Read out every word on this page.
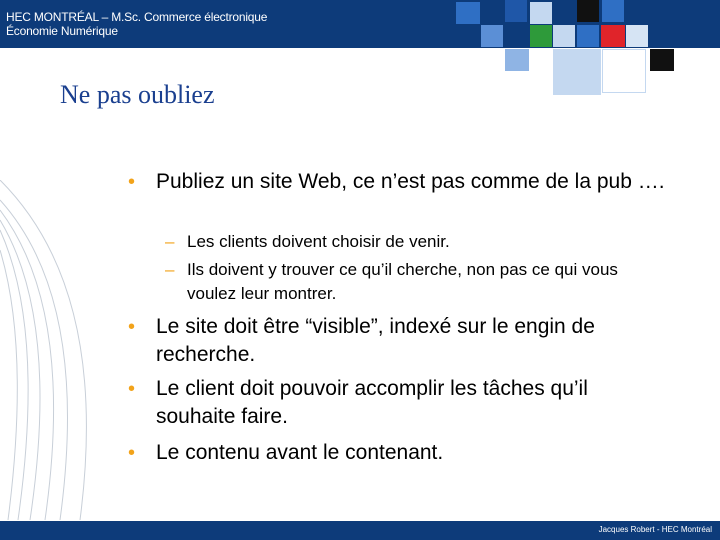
HEC MONTRÉAL – M.Sc. Commerce électronique
Économie Numérique
Ne pas oubliez
• Publiez un site Web, ce n’est pas comme de la pub ….
– Les clients doivent choisir de venir.
– Ils doivent y trouver ce qu’il cherche, non pas ce qui vous voulez leur montrer.
• Le site doit être “visible”, indexé sur le engin de recherche.
• Le client doit pouvoir accomplir les tâches qu’il souhaite faire.
• Le contenu avant le contenant.
Jacques Robert - HEC Montréal
